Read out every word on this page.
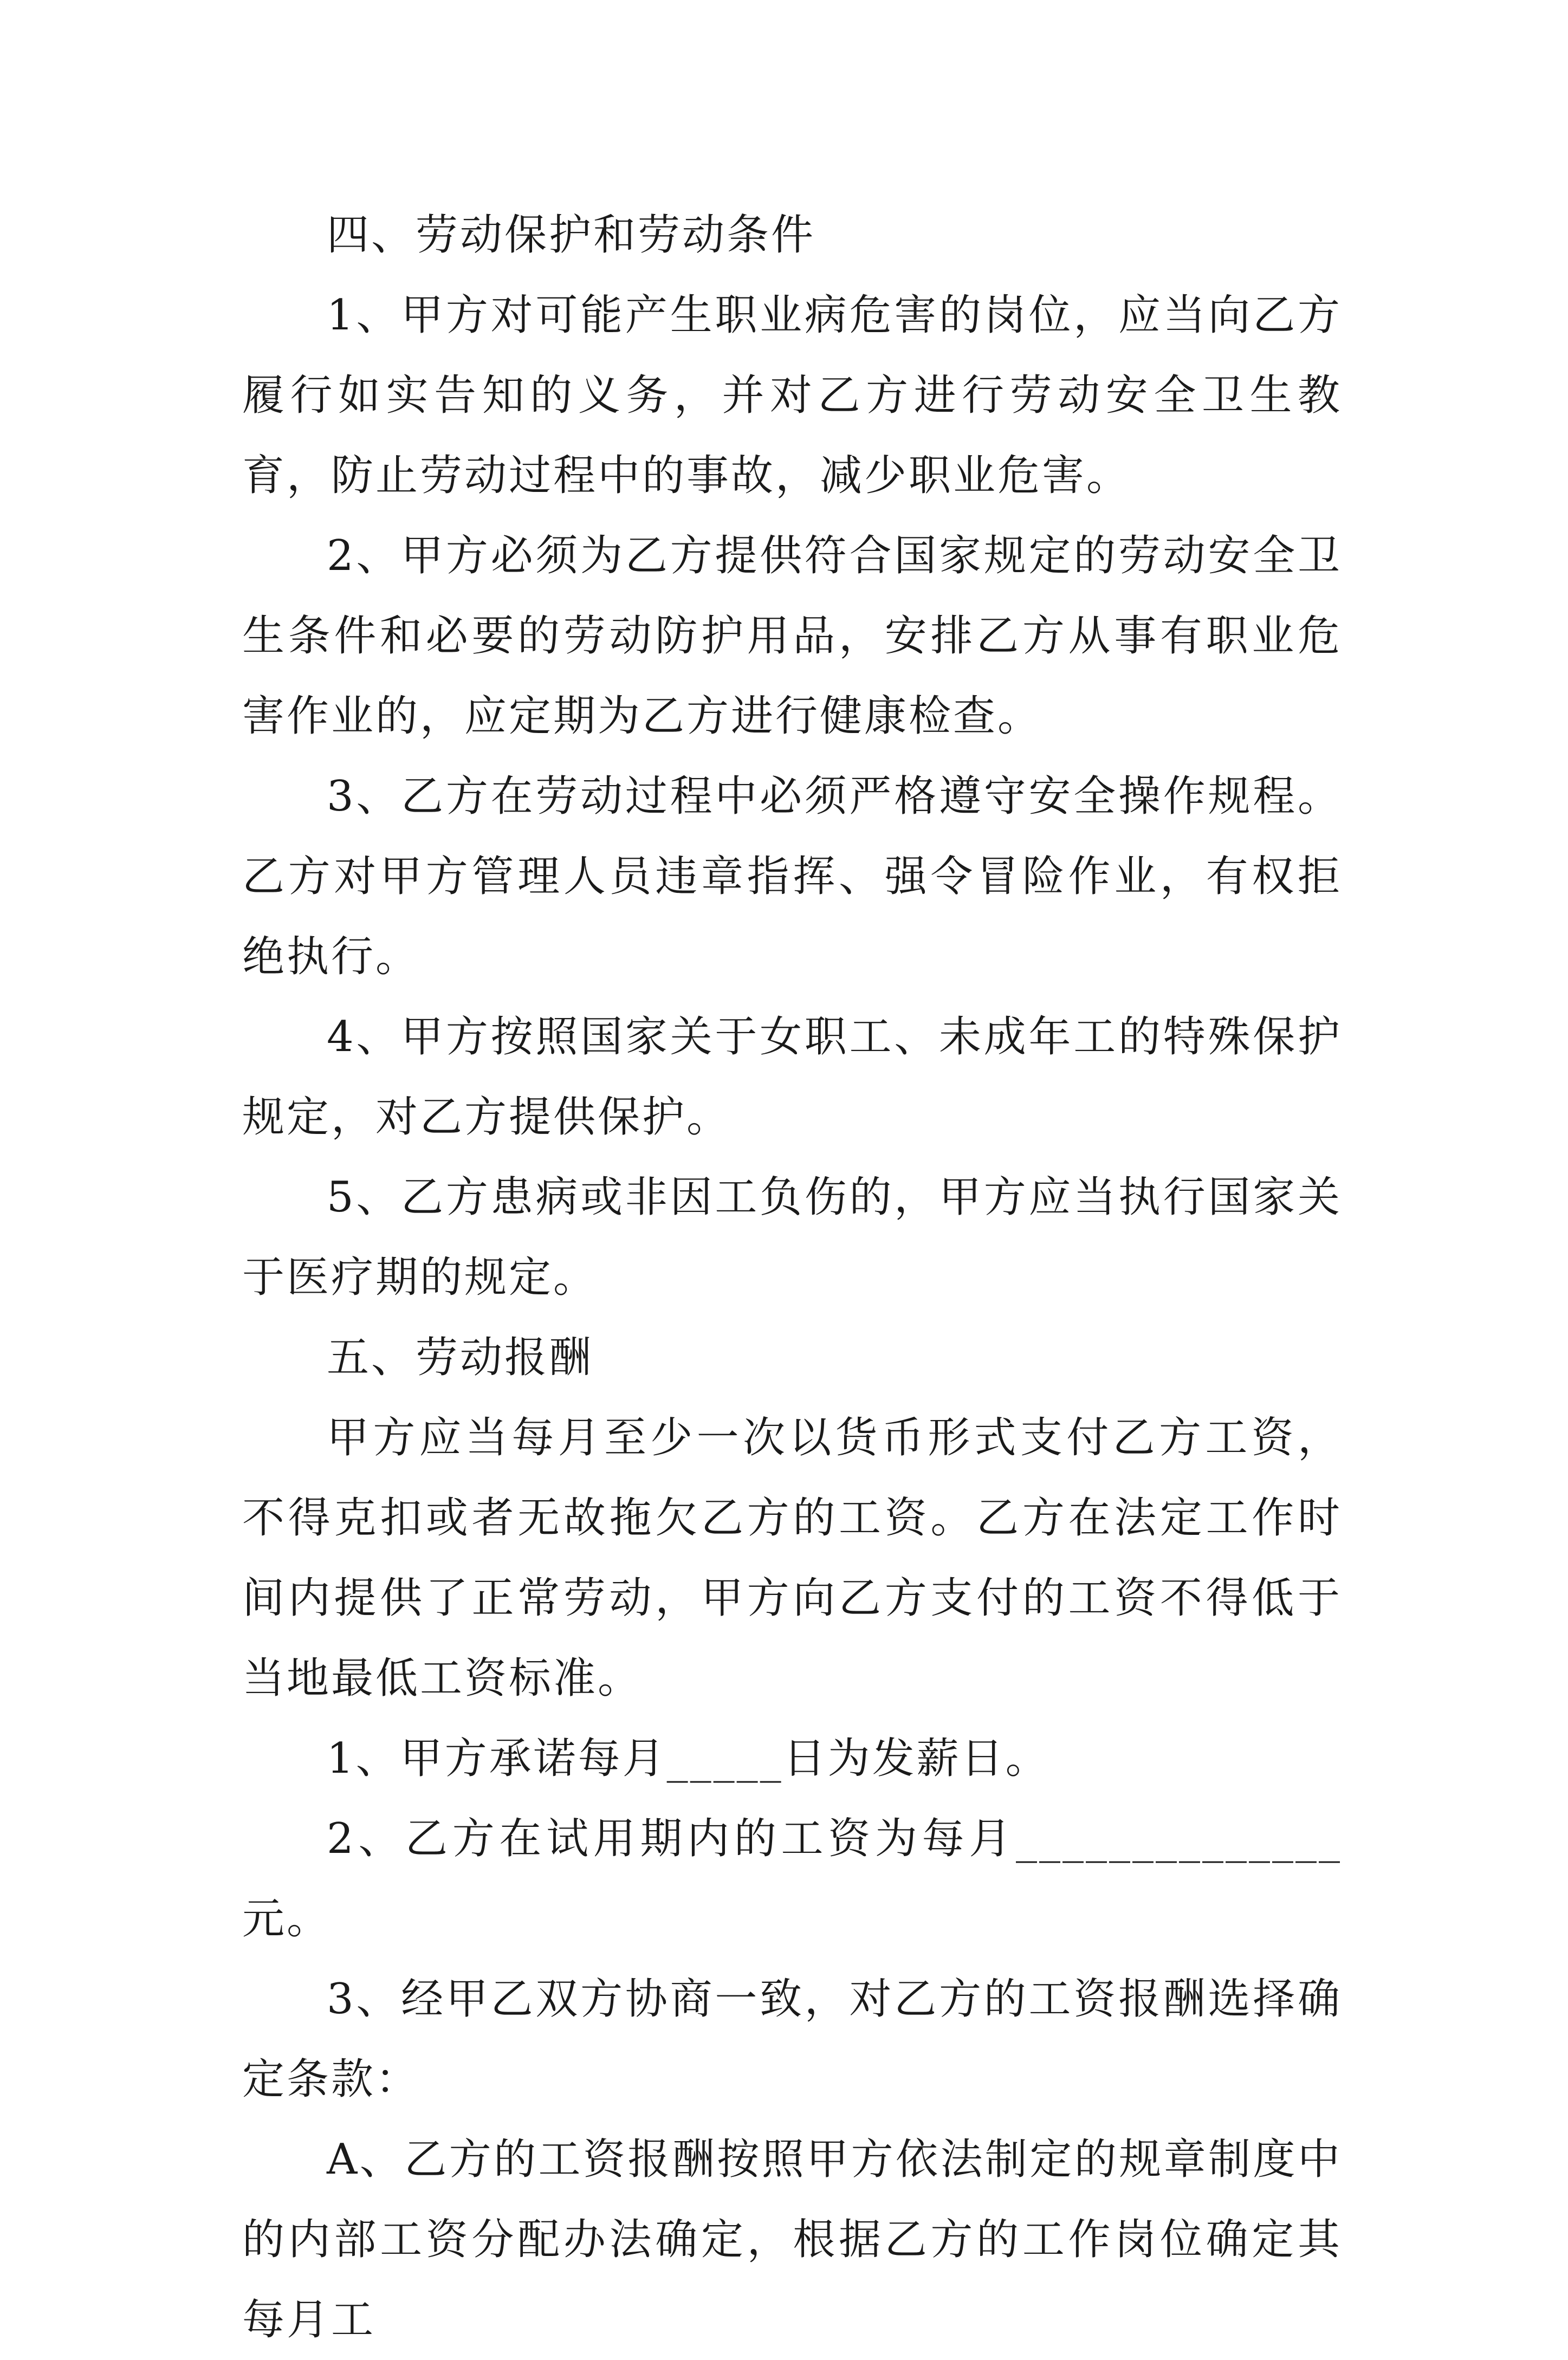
四、劳动保护和劳动条件

1、甲方对可能产生职业病危害的岗位，应当向乙方履行如实告知的义务，并对乙方进行劳动安全卫生教育，防止劳动过程中的事故，减少职业危害。

2、甲方必须为乙方提供符合国家规定的劳动安全卫生条件和必要的劳动防护用品，安排乙方从事有职业危害作业的，应定期为乙方进行健康检查。

3、乙方在劳动过程中必须严格遵守安全操作规程。乙方对甲方管理人员违章指挥、强令冒险作业，有权拒绝执行。

4、甲方按照国家关于女职工、未成年工的特殊保护规定，对乙方提供保护。

5、乙方患病或非因工负伤的，甲方应当执行国家关于医疗期的规定。

五、劳动报酬

甲方应当每月至少一次以货币形式支付乙方工资，不得克扣或者无故拖欠乙方的工资。乙方在法定工作时间内提供了正常劳动，甲方向乙方支付的工资不得低于当地最低工资标准。

1、甲方承诺每月_____日为发薪日。

2、乙方在试用期内的工资为每月______________元。

3、经甲乙双方协商一致，对乙方的工资报酬选择确定条款：

A、乙方的工资报酬按照甲方依法制定的规章制度中的内部工资分配办法确定，根据乙方的工作岗位确定其每月工
